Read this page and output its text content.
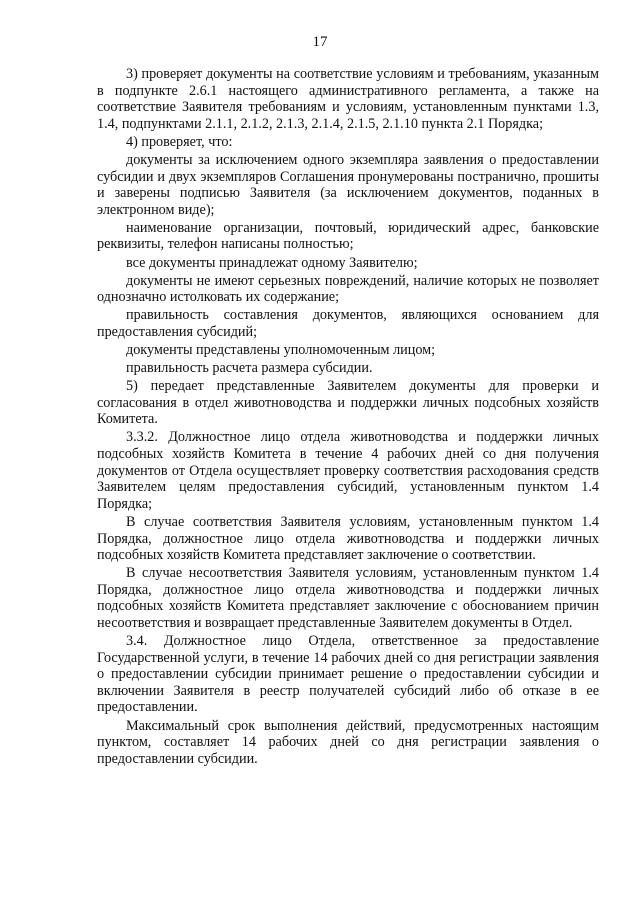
17

3) проверяет документы на соответствие условиям и требованиям, указанным в подпункте 2.6.1 настоящего административного регламента, а также на соответствие Заявителя требованиям и условиям, установленным пунктами 1.3, 1.4, подпунктами 2.1.1, 2.1.2, 2.1.3, 2.1.4, 2.1.5, 2.1.10 пункта 2.1 Порядка;

4) проверяет, что:

документы за исключением одного экземпляра заявления о предоставлении субсидии и двух экземпляров Соглашения пронумерованы постранично, прошиты и заверены подписью Заявителя (за исключением документов, поданных в электронном виде);

наименование организации, почтовый, юридический адрес, банковские реквизиты, телефон написаны полностью;

все документы принадлежат одному Заявителю;

документы не имеют серьезных повреждений, наличие которых не позволяет однозначно истолковать их содержание;

правильность составления документов, являющихся основанием для предоставления субсидий;

документы представлены уполномоченным лицом;

правильность расчета размера субсидии.

5) передает представленные Заявителем документы для проверки и согласования в отдел животноводства и поддержки личных подсобных хозяйств Комитета.

3.3.2. Должностное лицо отдела животноводства и поддержки личных подсобных хозяйств Комитета в течение 4 рабочих дней со дня получения документов от Отдела осуществляет проверку соответствия расходования средств Заявителем целям предоставления субсидий, установленным пунктом 1.4 Порядка;

В случае соответствия Заявителя условиям, установленным пунктом 1.4 Порядка, должностное лицо отдела животноводства и поддержки личных подсобных хозяйств Комитета представляет заключение о соответствии.

В случае несоответствия Заявителя условиям, установленным пунктом 1.4 Порядка, должностное лицо отдела животноводства и поддержки личных подсобных хозяйств Комитета представляет заключение с обоснованием причин несоответствия и возвращает представленные Заявителем документы в Отдел.

3.4. Должностное лицо Отдела, ответственное за предоставление Государственной услуги, в течение 14 рабочих дней со дня регистрации заявления о предоставлении субсидии принимает решение о предоставлении субсидии и включении Заявителя в реестр получателей субсидий либо об отказе в ее предоставлении.

Максимальный срок выполнения действий, предусмотренных настоящим пунктом, составляет 14 рабочих дней со дня регистрации заявления о предоставлении субсидии.
